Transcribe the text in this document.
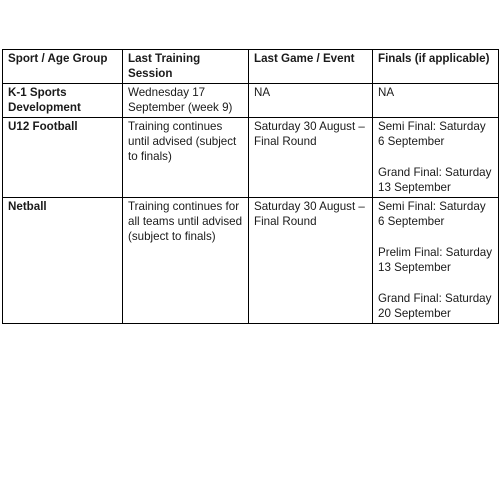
Sport / Age Group	Last Training Session	Last Game / Event	Finals (if applicable)
K-1 Sports Development	Wednesday 17 September (week 9)	NA	NA

U12 Football	Training continues until advised (subject to finals)	Saturday 30 August – Final Round	Semi Final: Saturday 6 September
Grand Final: Saturday 13 September

Netball	Training continues for all teams until advised (subject to finals)	Saturday 30 August – Final Round	Semi Final: Saturday 6 September
Prelim Final: Saturday 13 September
Grand Final: Saturday 20 September
